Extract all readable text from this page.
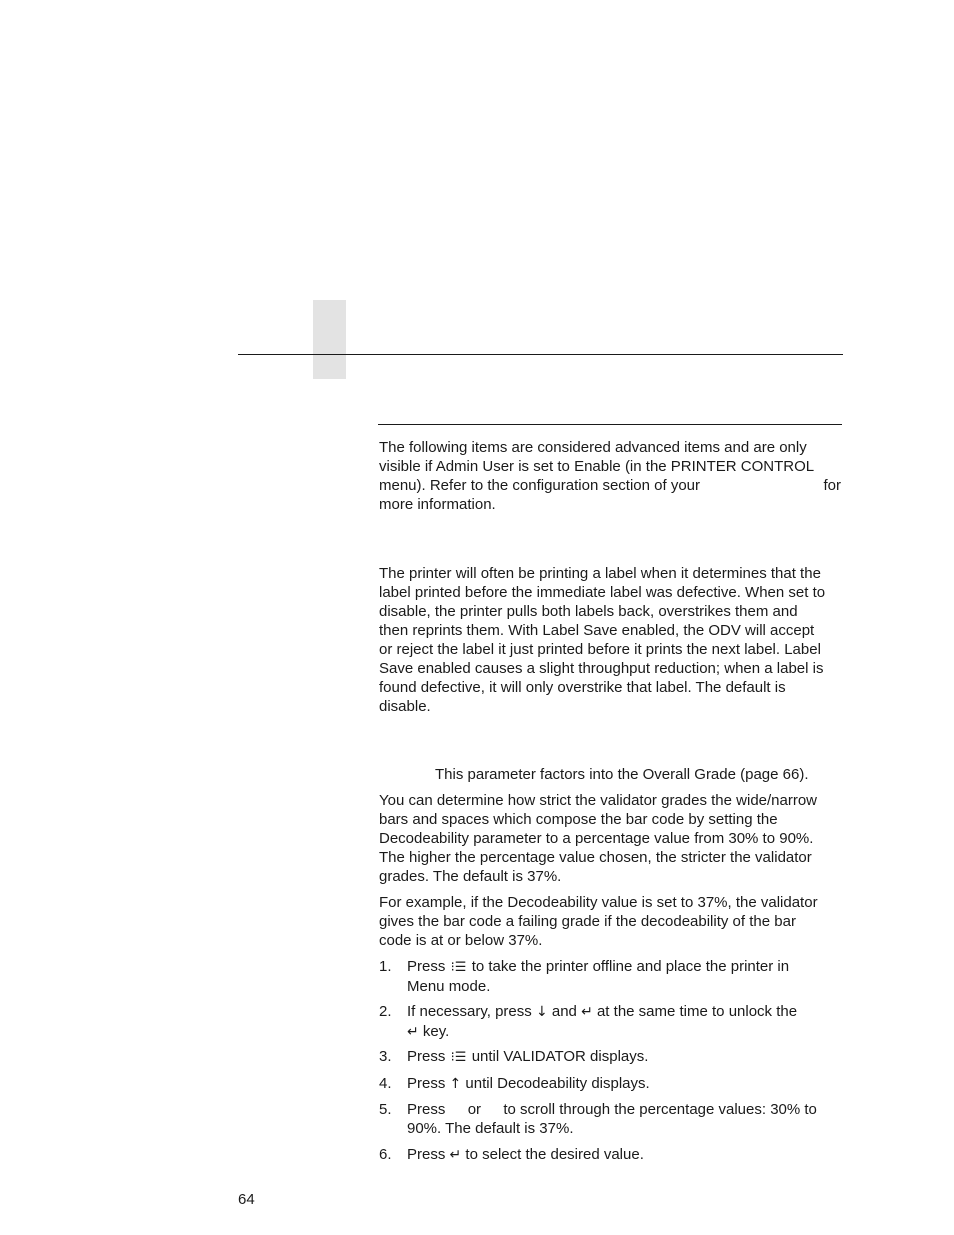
The following items are considered advanced items and are only
visible if Admin User is set to Enable (in the PRINTER CONTROL
menu). Refer to the configuration section of your	for
more information.
The printer will often be printing a label when it determines that the
label printed before the immediate label was defective. When set to
disable, the printer pulls both labels back, overstrikes them and
then reprints them. With Label Save enabled, the ODV will accept
or reject the label it just printed before it prints the next label. Label
Save enabled causes a slight throughput reduction; when a label is
found defective, it will only overstrike that label. The default is
disable.
This parameter factors into the Overall Grade (page 66).
You can determine how strict the validator grades the wide/narrow
bars and spaces which compose the bar code by setting the
Decodeability parameter to a percentage value from 30% to 90%.
The higher the percentage value chosen, the stricter the validator
grades. The default is 37%.
For example, if the Decodeability value is set to 37%, the validator
gives the bar code a failing grade if the decodeability of the bar
code is at or below 37%.
1. Press ⁝☰ to take the printer offline and place the printer in
Menu mode.
2. If necessary, press ↓ and ↵ at the same time to unlock the
↵ key.
3. Press ⁝☰ until VALIDATOR displays.
4. Press ↑ until Decodeability displays.
5. Press or to scroll through the percentage values: 30% to
90%. The default is 37%.
6. Press ↵ to select the desired value.
64
